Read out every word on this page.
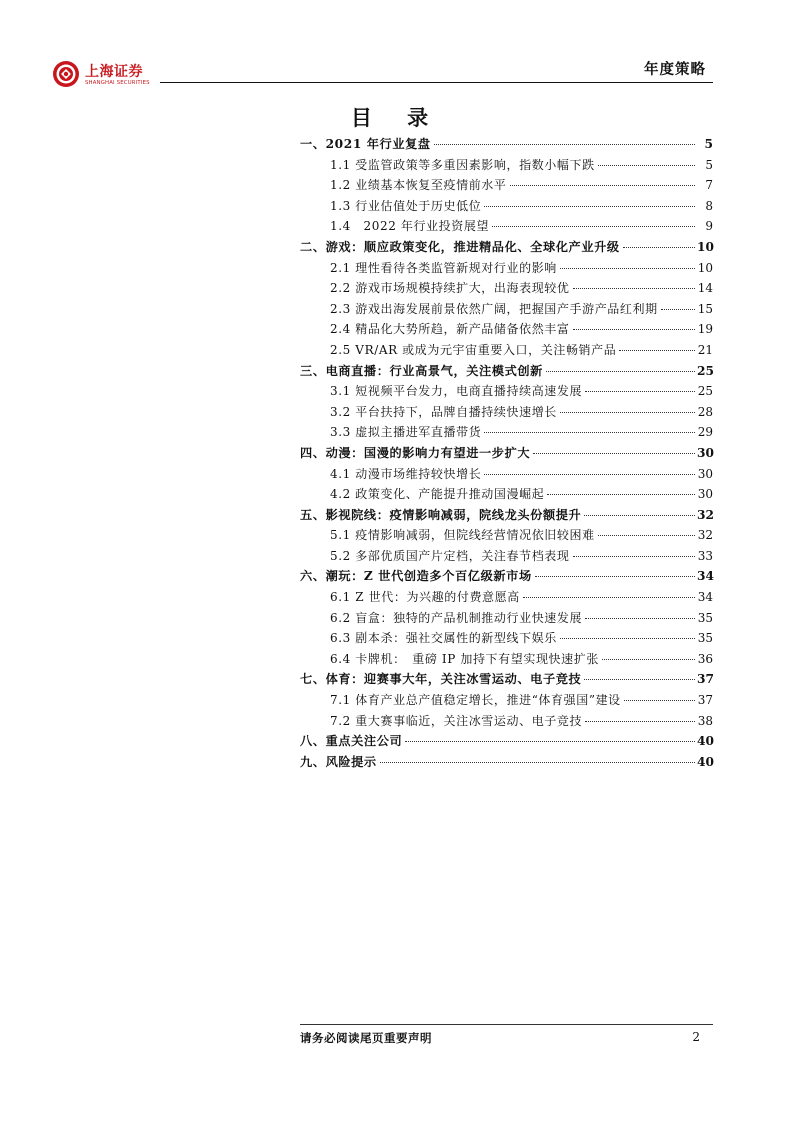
上海证券
SHANGHAI SECURITIES
年度策略
目 录
一、2021 年行业复盘	5
1.1 受监管政策等多重因素影响，指数小幅下跌	5
1.2 业绩基本恢复至疫情前水平	7
1.3 行业估值处于历史低位	8
1.4　2022 年行业投资展望	9
二、游戏：顺应政策变化，推进精品化、全球化产业升级	10
2.1 理性看待各类监管新规对行业的影响	10
2.2 游戏市场规模持续扩大，出海表现较优	14
2.3 游戏出海发展前景依然广阔，把握国产手游产品红利期	15
2.4 精品化大势所趋，新产品储备依然丰富	19
2.5 VR/AR 或成为元宇宙重要入口，关注畅销产品	21
三、电商直播：行业高景气，关注模式创新	25
3.1 短视频平台发力，电商直播持续高速发展	25
3.2 平台扶持下，品牌自播持续快速增长	28
3.3 虚拟主播进军直播带货	29
四、动漫：国漫的影响力有望进一步扩大	30
4.1 动漫市场维持较快增长	30
4.2 政策变化、产能提升推动国漫崛起	30
五、影视院线：疫情影响减弱，院线龙头份额提升	32
5.1 疫情影响减弱，但院线经营情况依旧较困难	32
5.2 多部优质国产片定档，关注春节档表现	33
六、潮玩：Z 世代创造多个百亿级新市场	34
6.1 Z 世代：为兴趣的付费意愿高	34
6.2 盲盒：独特的产品机制推动行业快速发展	35
6.3 剧本杀：强社交属性的新型线下娱乐	35
6.4 卡牌机：　重磅 IP 加持下有望实现快速扩张	36
七、体育：迎赛事大年，关注冰雪运动、电子竞技	37
7.1 体育产业总产值稳定增长，推进“体育强国”建设	37
7.2 重大赛事临近，关注冰雪运动、电子竞技	38
八、重点关注公司	40
九、风险提示	40
请务必阅读尾页重要声明	2
